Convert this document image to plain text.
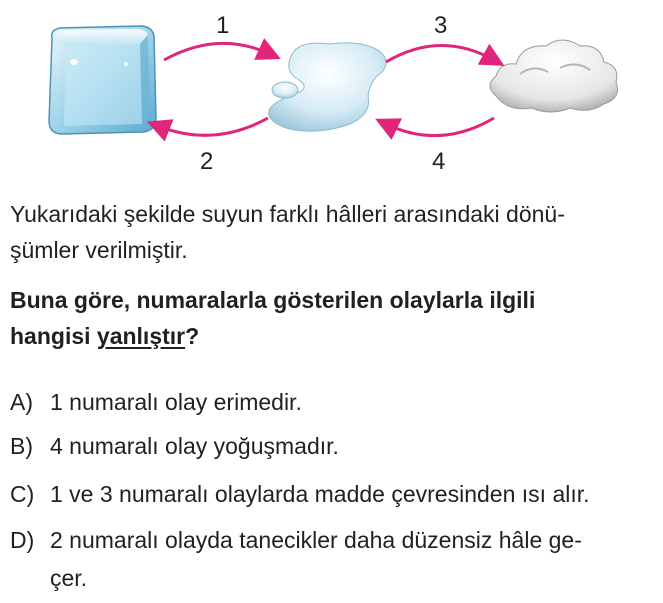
1
2
3
4
Yukarıdaki şekilde suyun farklı hâlleri arasındaki dönü-
şümler verilmiştir.
Buna göre, numaralarla gösterilen olaylarla ilgili
hangisi yanlıştır?
A) 1 numaralı olay erimedir.
B) 4 numaralı olay yoğuşmadır.
C) 1 ve 3 numaralı olaylarda madde çevresinden ısı alır.
D) 2 numaralı olayda tanecikler daha düzensiz hâle ge-
çer.
